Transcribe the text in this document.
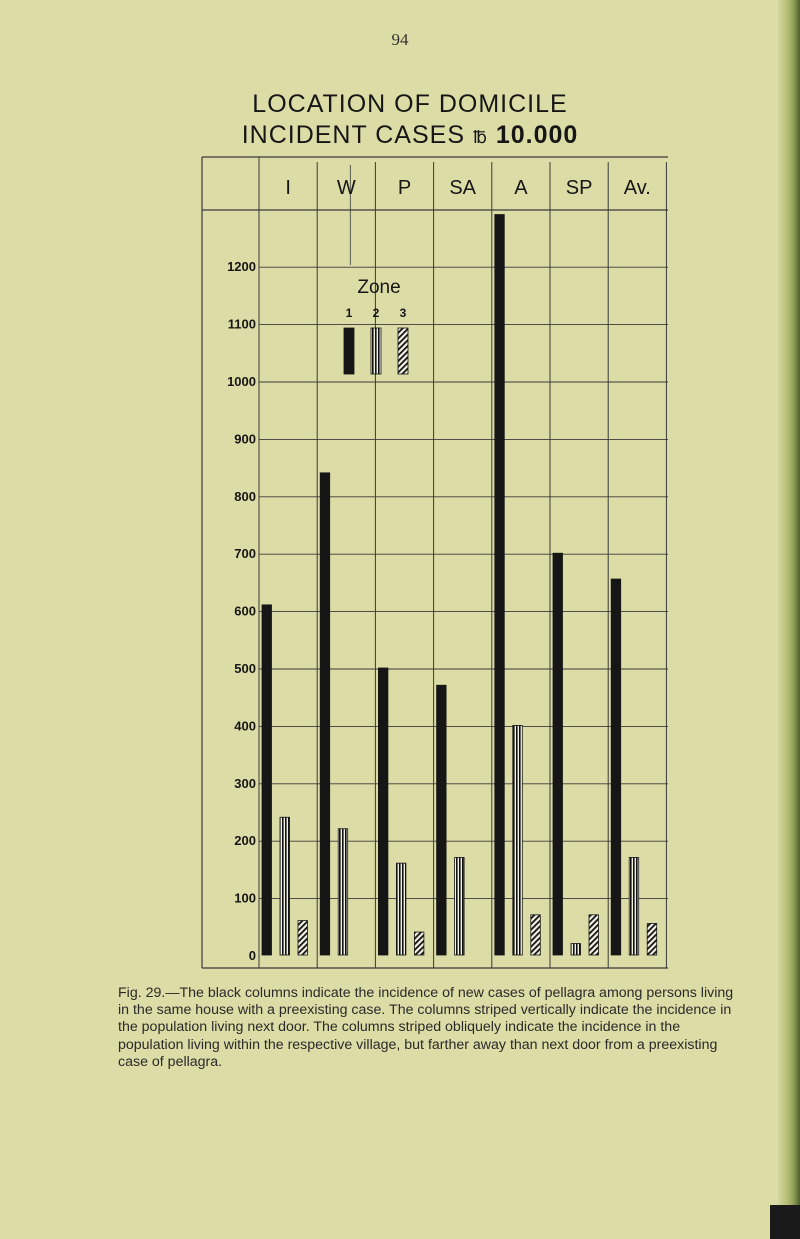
94
LOCATION OF DOMICILE
INCIDENT CASES ℔ 10.000
I W P SA A SP Av.
0
100
200
300
400
500
600
700
800
900
1000
1100
1200
Zone
1 2 3
Fig. 29.—The black columns indicate the incidence of new cases of pellagra among persons living in the same house with a preexisting case. The columns striped vertically indicate the incidence in the population living next door. The columns striped obliquely indicate the incidence in the population living within the respective village, but farther away than next door from a preexisting case of pellagra.
